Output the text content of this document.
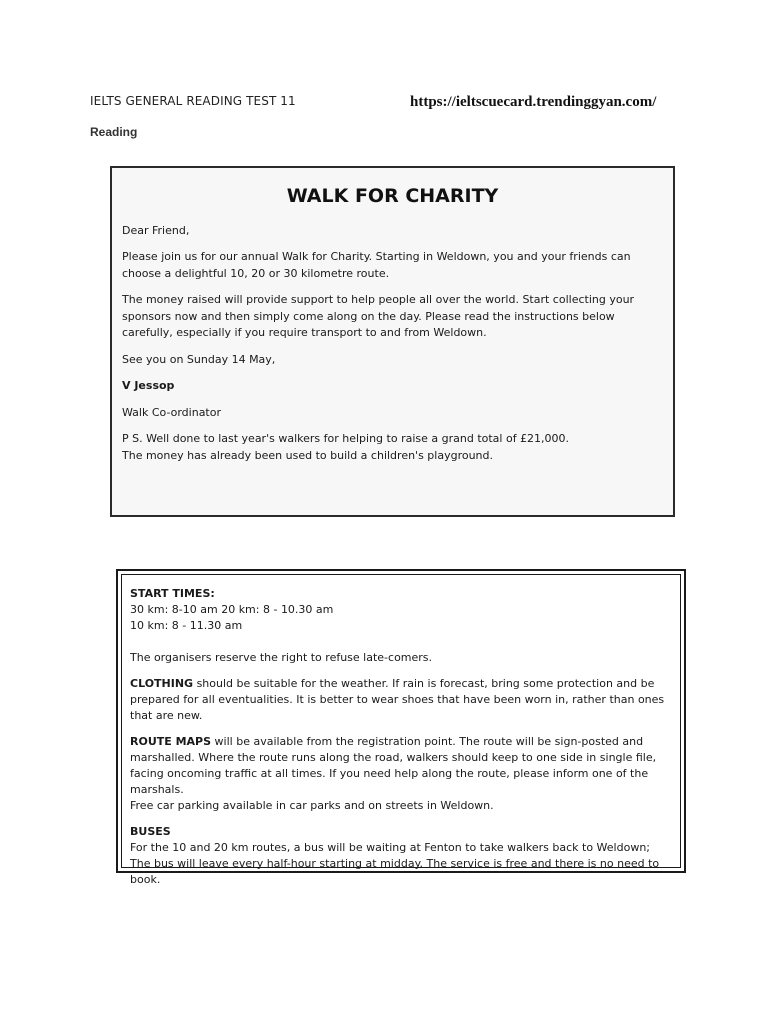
IELTS GENERAL READING TEST 11	https://ieltscuecard.trendinggyan.com/
Reading
WALK FOR CHARITY

Dear Friend,

Please join us for our annual Walk for Charity. Starting in Weldown, you and your friends can choose a delightful 10, 20 or 30 kilometre route.

The money raised will provide support to help people all over the world. Start collecting your sponsors now and then simply come along on the day. Please read the instructions below carefully, especially if you require transport to and from Weldown.

See you on Sunday 14 May,

V Jessop

Walk Co-ordinator

P S. Well done to last year's walkers for helping to raise a grand total of £21,000.
The money has already been used to build a children's playground.
START TIMES:
30 km: 8-10 am 20 km: 8 - 10.30 am
10 km: 8 - 11.30 am

The organisers reserve the right to refuse late-comers.

CLOTHING should be suitable for the weather. If rain is forecast, bring some protection and be prepared for all eventualities. It is better to wear shoes that have been worn in, rather than ones that are new.

ROUTE MAPS will be available from the registration point. The route will be sign-posted and marshalled. Where the route runs along the road, walkers should keep to one side in single file, facing oncoming traffic at all times. If you need help along the route, please inform one of the marshals.
Free car parking available in car parks and on streets in Weldown.

BUSES
For the 10 and 20 km routes, a bus will be waiting at Fenton to take walkers back to Weldown; The bus will leave every half-hour starting at midday. The service is free and there is no need to book.
